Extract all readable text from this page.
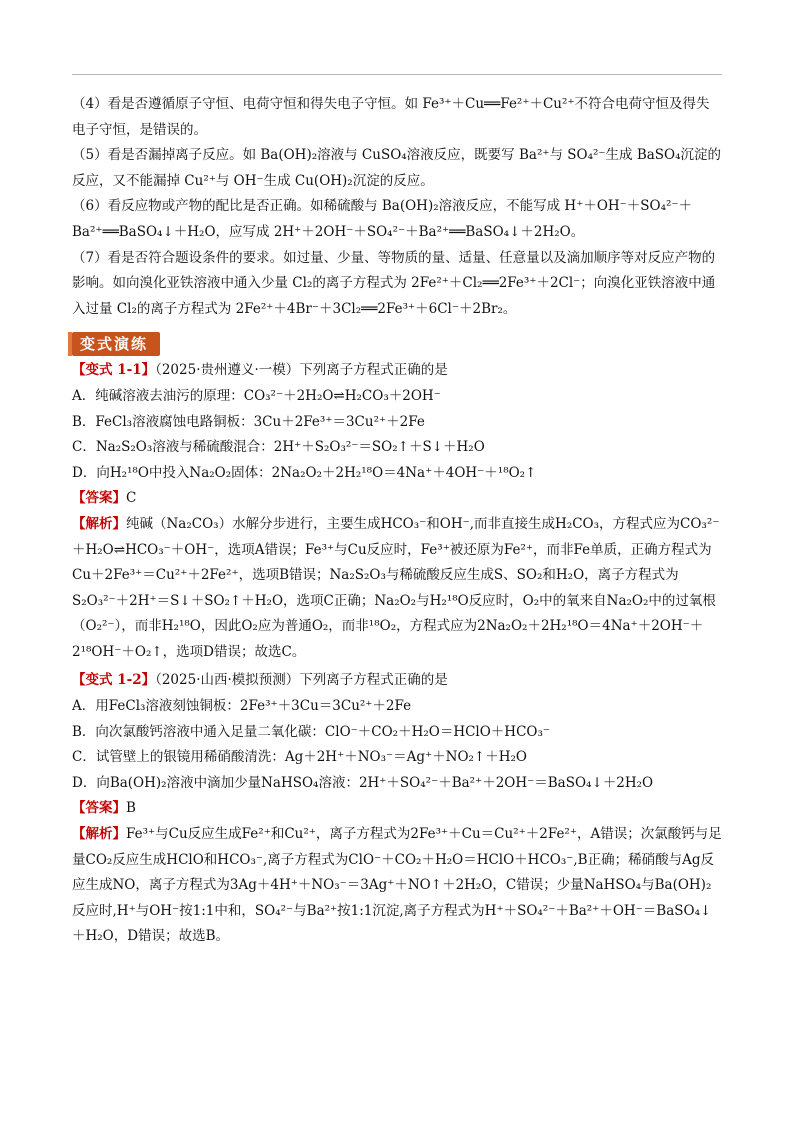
（4）看是否遵循原子守恒、电荷守恒和得失电子守恒。如 Fe³⁺＋Cu══Fe²⁺＋Cu²⁺不符合电荷守恒及得失电子守恒，是错误的。

（5）看是否漏掉离子反应。如 Ba(OH)₂溶液与 CuSO₄溶液反应，既要写 Ba²⁺与 SO₄²⁻生成 BaSO₄沉淀的反应，又不能漏掉 Cu²⁺与 OH⁻生成 Cu(OH)₂沉淀的反应。

（6）看反应物或产物的配比是否正确。如稀硫酸与 Ba(OH)₂溶液反应，不能写成 H⁺＋OH⁻＋SO₄²⁻＋Ba²⁺══BaSO₄↓＋H₂O，应写成 2H⁺＋2OH⁻＋SO₄²⁻＋Ba²⁺══BaSO₄↓＋2H₂O。

（7）看是否符合题设条件的要求。如过量、少量、等物质的量、适量、任意量以及滴加顺序等对反应产物的影响。如向溴化亚铁溶液中通入少量 Cl₂的离子方程式为 2Fe²⁺＋Cl₂══2Fe³⁺＋2Cl⁻；向溴化亚铁溶液中通入过量 Cl₂的离子方程式为 2Fe²⁺＋4Br⁻＋3Cl₂══2Fe³⁺＋6Cl⁻＋2Br₂。

变式演练

【变式 1-1】（2025·贵州遵义·一模）下列离子方程式正确的是

A．纯碱溶液去油污的原理：CO₃²⁻＋2H₂O⇌H₂CO₃＋2OH⁻

B．FeCl₃溶液腐蚀电路铜板：3Cu＋2Fe³⁺＝3Cu²⁺＋2Fe

C．Na₂S₂O₃溶液与稀硫酸混合：2H⁺＋S₂O₃²⁻＝SO₂↑＋S↓＋H₂O

D．向H₂¹⁸O中投入Na₂O₂固体：2Na₂O₂＋2H₂¹⁸O＝4Na⁺＋4OH⁻＋¹⁸O₂↑

【答案】C

【解析】纯碱（Na₂CO₃）水解分步进行，主要生成HCO₃⁻和OH⁻,而非直接生成H₂CO₃，方程式应为CO₃²⁻＋H₂O⇌HCO₃⁻＋OH⁻，选项A错误；Fe³⁺与Cu反应时，Fe³⁺被还原为Fe²⁺，而非Fe单质，正确方程式为Cu＋2Fe³⁺＝Cu²⁺＋2Fe²⁺，选项B错误；Na₂S₂O₃与稀硫酸反应生成S、SO₂和H₂O，离子方程式为S₂O₃²⁻＋2H⁺＝S↓＋SO₂↑＋H₂O，选项C正确；Na₂O₂与H₂¹⁸O反应时，O₂中的氧来自Na₂O₂中的过氧根（O₂²⁻），而非H₂¹⁸O，因此O₂应为普通O₂，而非¹⁸O₂，方程式应为2Na₂O₂＋2H₂¹⁸O＝4Na⁺＋2OH⁻＋2¹⁸OH⁻＋O₂↑，选项D错误；故选C。

【变式 1-2】（2025·山西·模拟预测）下列离子方程式正确的是

A．用FeCl₃溶液刻蚀铜板：2Fe³⁺＋3Cu＝3Cu²⁺＋2Fe

B．向次氯酸钙溶液中通入足量二氧化碳：ClO⁻＋CO₂＋H₂O＝HClO＋HCO₃⁻

C．试管壁上的银镜用稀硝酸清洗：Ag＋2H⁺＋NO₃⁻＝Ag⁺＋NO₂↑＋H₂O

D．向Ba(OH)₂溶液中滴加少量NaHSO₄溶液：2H⁺＋SO₄²⁻＋Ba²⁺＋2OH⁻＝BaSO₄↓＋2H₂O

【答案】B

【解析】Fe³⁺与Cu反应生成Fe²⁺和Cu²⁺，离子方程式为2Fe³⁺＋Cu＝Cu²⁺＋2Fe²⁺，A错误；次氯酸钙与足量CO₂反应生成HClO和HCO₃⁻,离子方程式为ClO⁻＋CO₂＋H₂O＝HClO＋HCO₃⁻,B正确；稀硝酸与Ag反应生成NO，离子方程式为3Ag＋4H⁺＋NO₃⁻＝3Ag⁺＋NO↑＋2H₂O，C错误；少量NaHSO₄与Ba(OH)₂反应时,H⁺与OH⁻按1:1中和，SO₄²⁻与Ba²⁺按1:1沉淀,离子方程式为H⁺＋SO₄²⁻＋Ba²⁺＋OH⁻＝BaSO₄↓＋H₂O，D错误；故选B。
